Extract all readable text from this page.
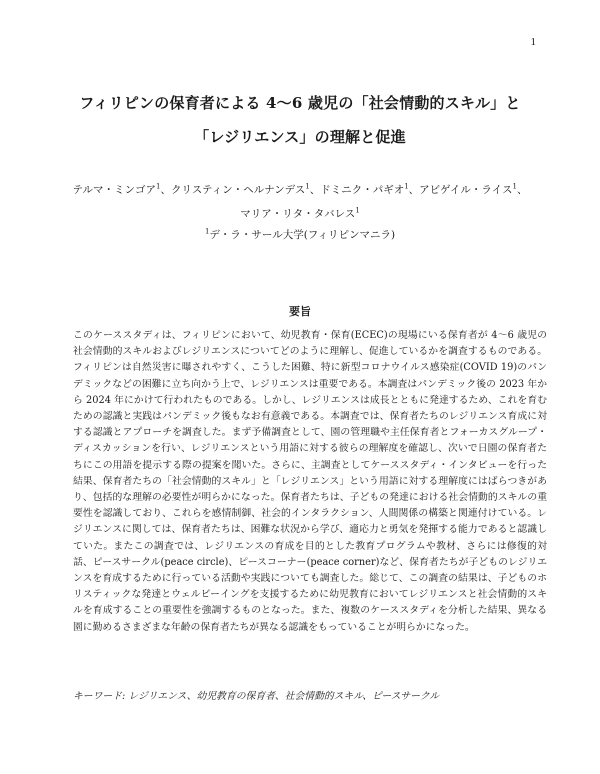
1
フィリピンの保育者による 4〜6 歳児の「社会情動的スキル」と
「レジリエンス」の理解と促進
テルマ・ミンゴア$^1$、クリスティン・ヘルナンデス$^1$、ドミニク・パギオ$^1$、アビゲイル・ライス$^1$、
マリア・リタ・タバレス$^1$
$^1$デ・ラ・サール大学(フィリピンマニラ)
要旨

このケーススタディは、フィリピンにおいて、幼児教育・保育(ECEC)の現場にいる保育者が 4〜6 歳児の社会情動的スキルおよびレジリエンスについてどのように理解し、促進しているかを調査するものである。フィリピンは自然災害に曝されやすく、こうした困難、特に新型コロナウイルス感染症(COVID 19)のパンデミックなどの困難に立ち向かう上で、レジリエンスは重要である。本調査はパンデミック後の 2023 年から 2024 年にかけて行われたものである。しかし、レジリエンスは成長とともに発達するため、これを育むための認識と実践はパンデミック後もなお有意義である。本調査では、保育者たちのレジリエンス育成に対する認識とアプローチを調査した。まず予備調査として、園の管理職や主任保育者とフォーカスグループ・ディスカッションを行い、レジリエンスという用語に対する彼らの理解度を確認し、次いで日園の保育者たちにこの用語を提示する際の提案を聞いた。さらに、主調査としてケーススタディ・インタビューを行った結果、保育者たちの「社会情動的スキル」と「レジリエンス」という用語に対する理解度にはばらつきがあり、包括的な理解の必要性が明らかになった。保育者たちは、子どもの発達における社会情動的スキルの重要性を認識しており、これらを感情制御、社会的インタラクション、人間関係の構築と関連付けている。レジリエンスに関しては、保育者たちは、困難な状況から学び、適応力と勇気を発揮する能力であると認識していた。またこの調査では、レジリエンスの育成を目的とした教育プログラムや教材、さらには修復的対話、ピースサークル(peace circle)、ピースコーナー(peace corner)など、保育者たちが子どものレジリエンスを育成するために行っている活動や実践についても調査した。総じて、この調査の結果は、子どものホリスティックな発達とウェルビーイングを支援するために幼児教育においてレジリエンスと社会情動的スキルを育成することの重要性を強調するものとなった。また、複数のケーススタディを分析した結果、異なる園に勤めるさまざまな年齢の保育者たちが異なる認識をもっていることが明らかになった。

キーワード: レジリエンス、幼児教育の保育者、社会情動的スキル、ピースサークル
